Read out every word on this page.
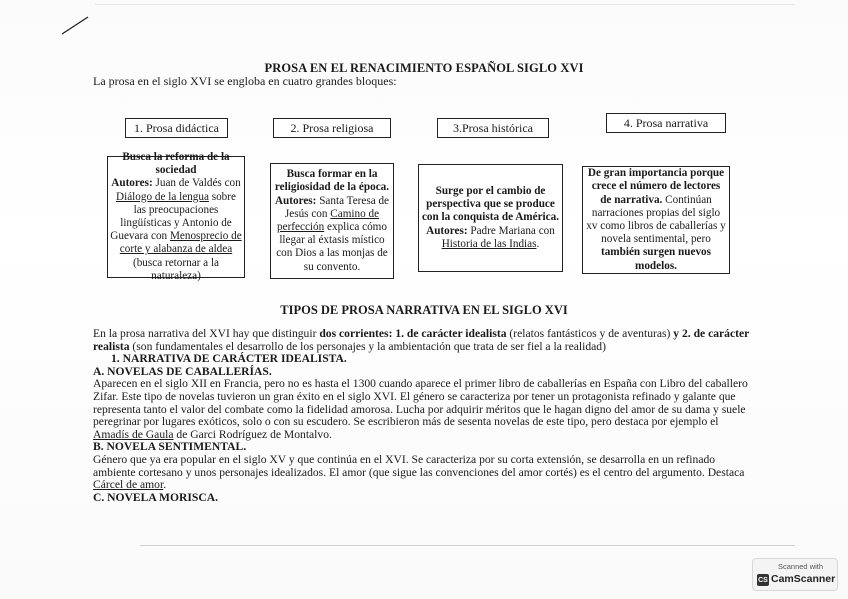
PROSA EN EL RENACIMIENTO ESPAÑOL SIGLO XVI
La prosa en el siglo XVI se engloba en cuatro grandes bloques:
1. Prosa didáctica	2. Prosa religiosa	3.Prosa histórica	4. Prosa narrativa
Busca la reforma de la sociedad
Autores: Juan de Valdés con Diálogo de la lengua sobre las preocupaciones lingüísticas y Antonio de Guevara con Menosprecio de corte y alabanza de aldea (busca retornar a la naturaleza)
Busca formar en la religiosidad de la época.
Autores: Santa Teresa de Jesús con Camino de perfección explica cómo llegar al éxtasis místico con Dios a las monjas de su convento.
Surge por el cambio de perspectiva que se produce con la conquista de América.
Autores: Padre Mariana con Historia de las Indias.
De gran importancia porque crece el número de lectores de narrativa. Continúan narraciones propias del siglo xv como libros de caballerías y novela sentimental, pero también surgen nuevos modelos.
TIPOS DE PROSA NARRATIVA EN EL SIGLO XVI

En la prosa narrativa del XVI hay que distinguir dos corrientes: 1. de carácter idealista (relatos fantásticos y de aventuras) y 2. de carácter realista (son fundamentales el desarrollo de los personajes y la ambientación que trata de ser fiel a la realidad)

1. NARRATIVA DE CARÁCTER IDEALISTA.

A. NOVELAS DE CABALLERÍAS.

Aparecen en el siglo XII en Francia, pero no es hasta el 1300 cuando aparece el primer libro de caballerías en España con Libro del caballero Zifar. Este tipo de novelas tuvieron un gran éxito en el siglo XVI. El género se caracteriza por tener un protagonista refinado y galante que representa tanto el valor del combate como la fidelidad amorosa. Lucha por adquirir méritos que le hagan digno del amor de su dama y suele peregrinar por lugares exóticos, solo o con su escudero. Se escribieron más de sesenta novelas de este tipo, pero destaca por ejemplo el Amadís de Gaula de Garci Rodríguez de Montalvo.

B. NOVELA SENTIMENTAL.

Género que ya era popular en el siglo XV y que continúa en el XVI. Se caracteriza por su corta extensión, se desarrolla en un refinado ambiente cortesano y unos personajes idealizados. El amor (que sigue las convenciones del amor cortés) es el centro del argumento. Destaca Cárcel de amor.

C. NOVELA MORISCA.

Scanned with
CS CamScanner
